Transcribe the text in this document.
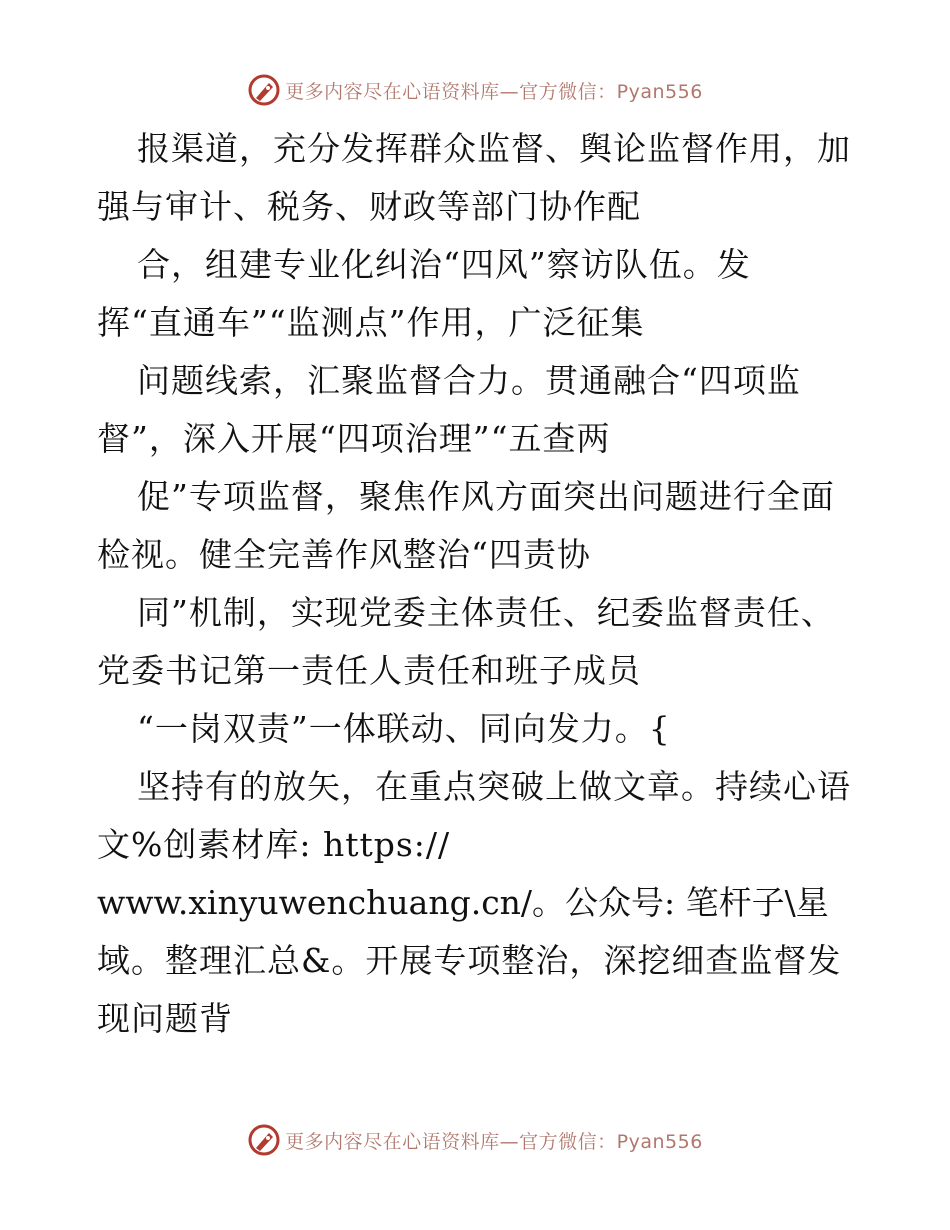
更多内容尽在心语资料库—官方微信：Pyan556
报渠道，充分发挥群众监督、舆论监督作用，加
强与审计、税务、财政等部门协作配
合，组建专业化纠治“四风”察访队伍。发
挥“直通车”“监测点”作用，广泛征集
问题线索，汇聚监督合力。贯通融合“四项监
督”，深入开展“四项治理”“五查两
促”专项监督，聚焦作风方面突出问题进行全面
检视。健全完善作风整治“四责协
同”机制，实现党委主体责任、纪委监督责任、
党委书记第一责任人责任和班子成员
“一岗双责”一体联动、同向发力。{
坚持有的放矢，在重点突破上做文章。持续心语
文%创素材库: https://
www.xinyuwenchuang.cn/。公众号: 笔杆子\星
域。整理汇总&。开展专项整治，深挖细查监督发
现问题背
更多内容尽在心语资料库—官方微信：Pyan556
